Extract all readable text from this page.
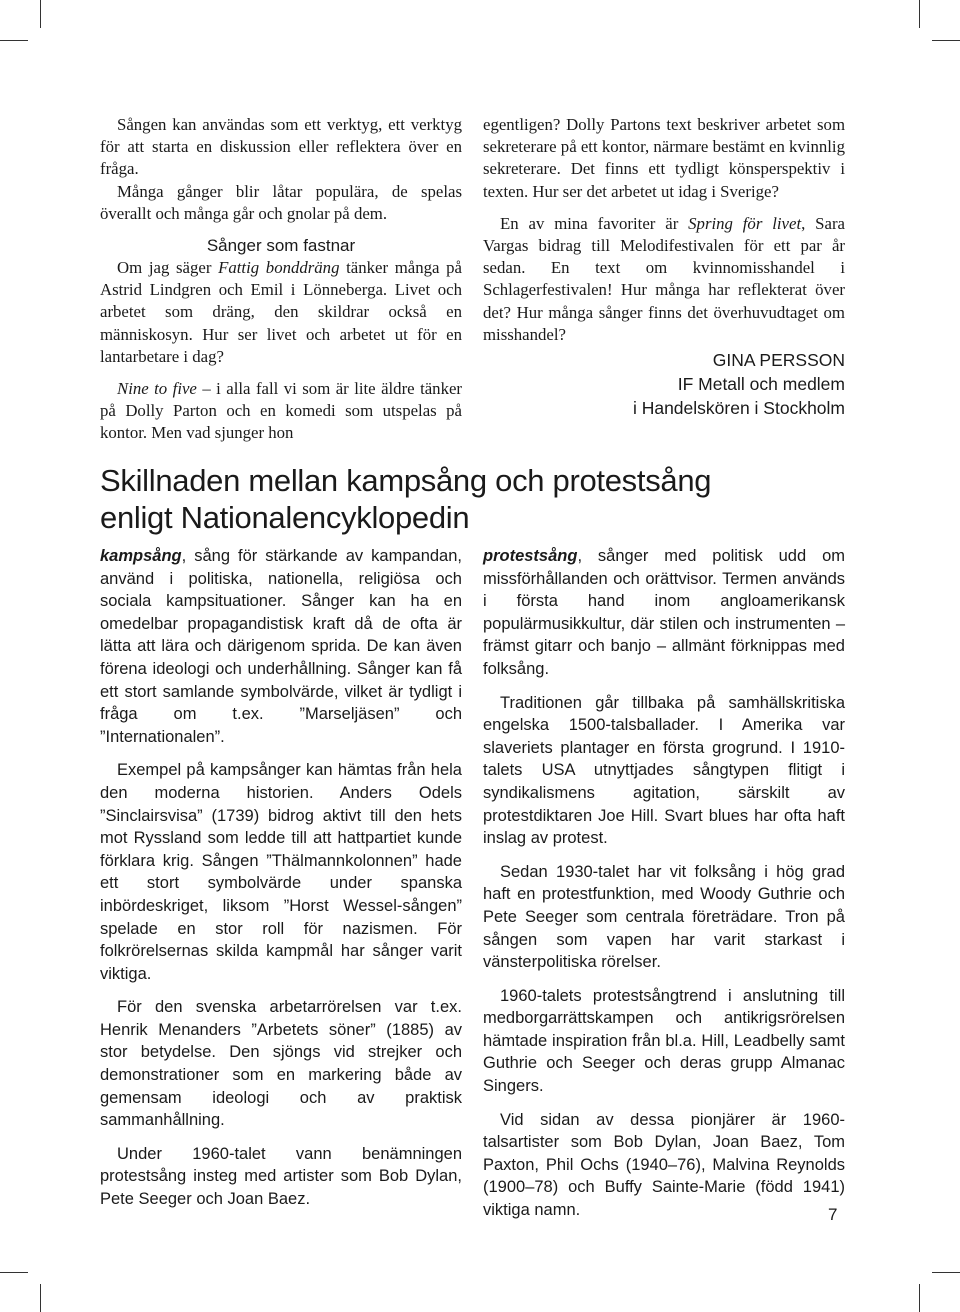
Sången kan användas som ett verktyg, ett verktyg för att starta en diskussion eller reflektera över en fråga.

Många gånger blir låtar populära, de spelas överallt och många går och gnolar på dem.

Sånger som fastnar

Om jag säger Fattig bonddräng tänker många på Astrid Lindgren och Emil i Lönneberga. Livet och arbetet som dräng, den skildrar också en människosyn. Hur ser livet och arbetet ut för en lantarbetare i dag?

Nine to five – i alla fall vi som är lite äldre tänker på Dolly Parton och en komedi som utspelas på kontor. Men vad sjunger hon

egentligen? Dolly Partons text beskriver arbetet som sekreterare på ett kontor, närmare bestämt en kvinnlig sekreterare. Det finns ett tydligt könsperspektiv i texten. Hur ser det arbetet ut idag i Sverige?

En av mina favoriter är Spring för livet, Sara Vargas bidrag till Melodifestivalen för ett par år sedan. En text om kvinnomisshandel i Schlagerfestivalen! Hur många har reflekterat över det? Hur många sånger finns det överhuvudtaget om misshandel?

GINA PERSSON
IF Metall och medlem
i Handelskören i Stockholm
Skillnaden mellan kampsång och protestsång
enligt Nationalencyklopedin

kampsång, sång för stärkande av kampandan, använd i politiska, nationella, religiösa och sociala kampsituationer. Sånger kan ha en omedelbar propagandistisk kraft då de ofta är lätta att lära och därigenom sprida. De kan även förena ideologi och underhållning. Sånger kan få ett stort samlande symbolvärde, vilket är tydligt i fråga om t.ex. ”Marseljäsen” och ”Internationalen”.

Exempel på kampsånger kan hämtas från hela den moderna historien. Anders Odels ”Sinclairsvisa” (1739) bidrog aktivt till den hets mot Ryssland som ledde till att hattpartiet kunde förklara krig. Sången ”Thälmannkolonnen” hade ett stort symbolvärde under spanska inbördeskriget, liksom ”Horst Wessel-sången” spelade en stor roll för nazismen. För folkrörelsernas skilda kampmål har sånger varit viktiga.

För den svenska arbetarrörelsen var t.ex. Henrik Menanders ”Arbetets söner” (1885) av stor betydelse. Den sjöngs vid strejker och demonstrationer som en markering både av gemensam ideologi och av praktisk sammanhållning.

Under 1960-talet vann benämningen protestsång insteg med artister som Bob Dylan, Pete Seeger och Joan Baez.

protestsång, sånger med politisk udd om missförhållanden och orättvisor. Termen används i första hand inom angloamerikansk populärmusikkultur, där stilen och instrumenten – främst gitarr och banjo – allmänt förknippas med folksång.

Traditionen går tillbaka på samhällskritiska engelska 1500-talsballader. I Amerika var slaveriets plantager en första grogrund. I 1910-talets USA utnyttjades sångtypen flitigt i syndikalismens agitation, särskilt av protestdiktaren Joe Hill. Svart blues har ofta haft inslag av protest.

Sedan 1930-talet har vit folksång i hög grad haft en protestfunktion, med Woody Guthrie och Pete Seeger som centrala företrädare. Tron på sången som vapen har varit starkast i vänsterpolitiska rörelser.

1960-talets protestsångtrend i anslutning till medborgarrättskampen och antikrigsrörelsen hämtade inspiration från bl.a. Hill, Leadbelly samt Guthrie och Seeger och deras grupp Almanac Singers.

Vid sidan av dessa pionjärer är 1960-talsartister som Bob Dylan, Joan Baez, Tom Paxton, Phil Ochs (1940–76), Malvina Reynolds (1900–78) och Buffy Sainte-Marie (född 1941) viktiga namn.	7
